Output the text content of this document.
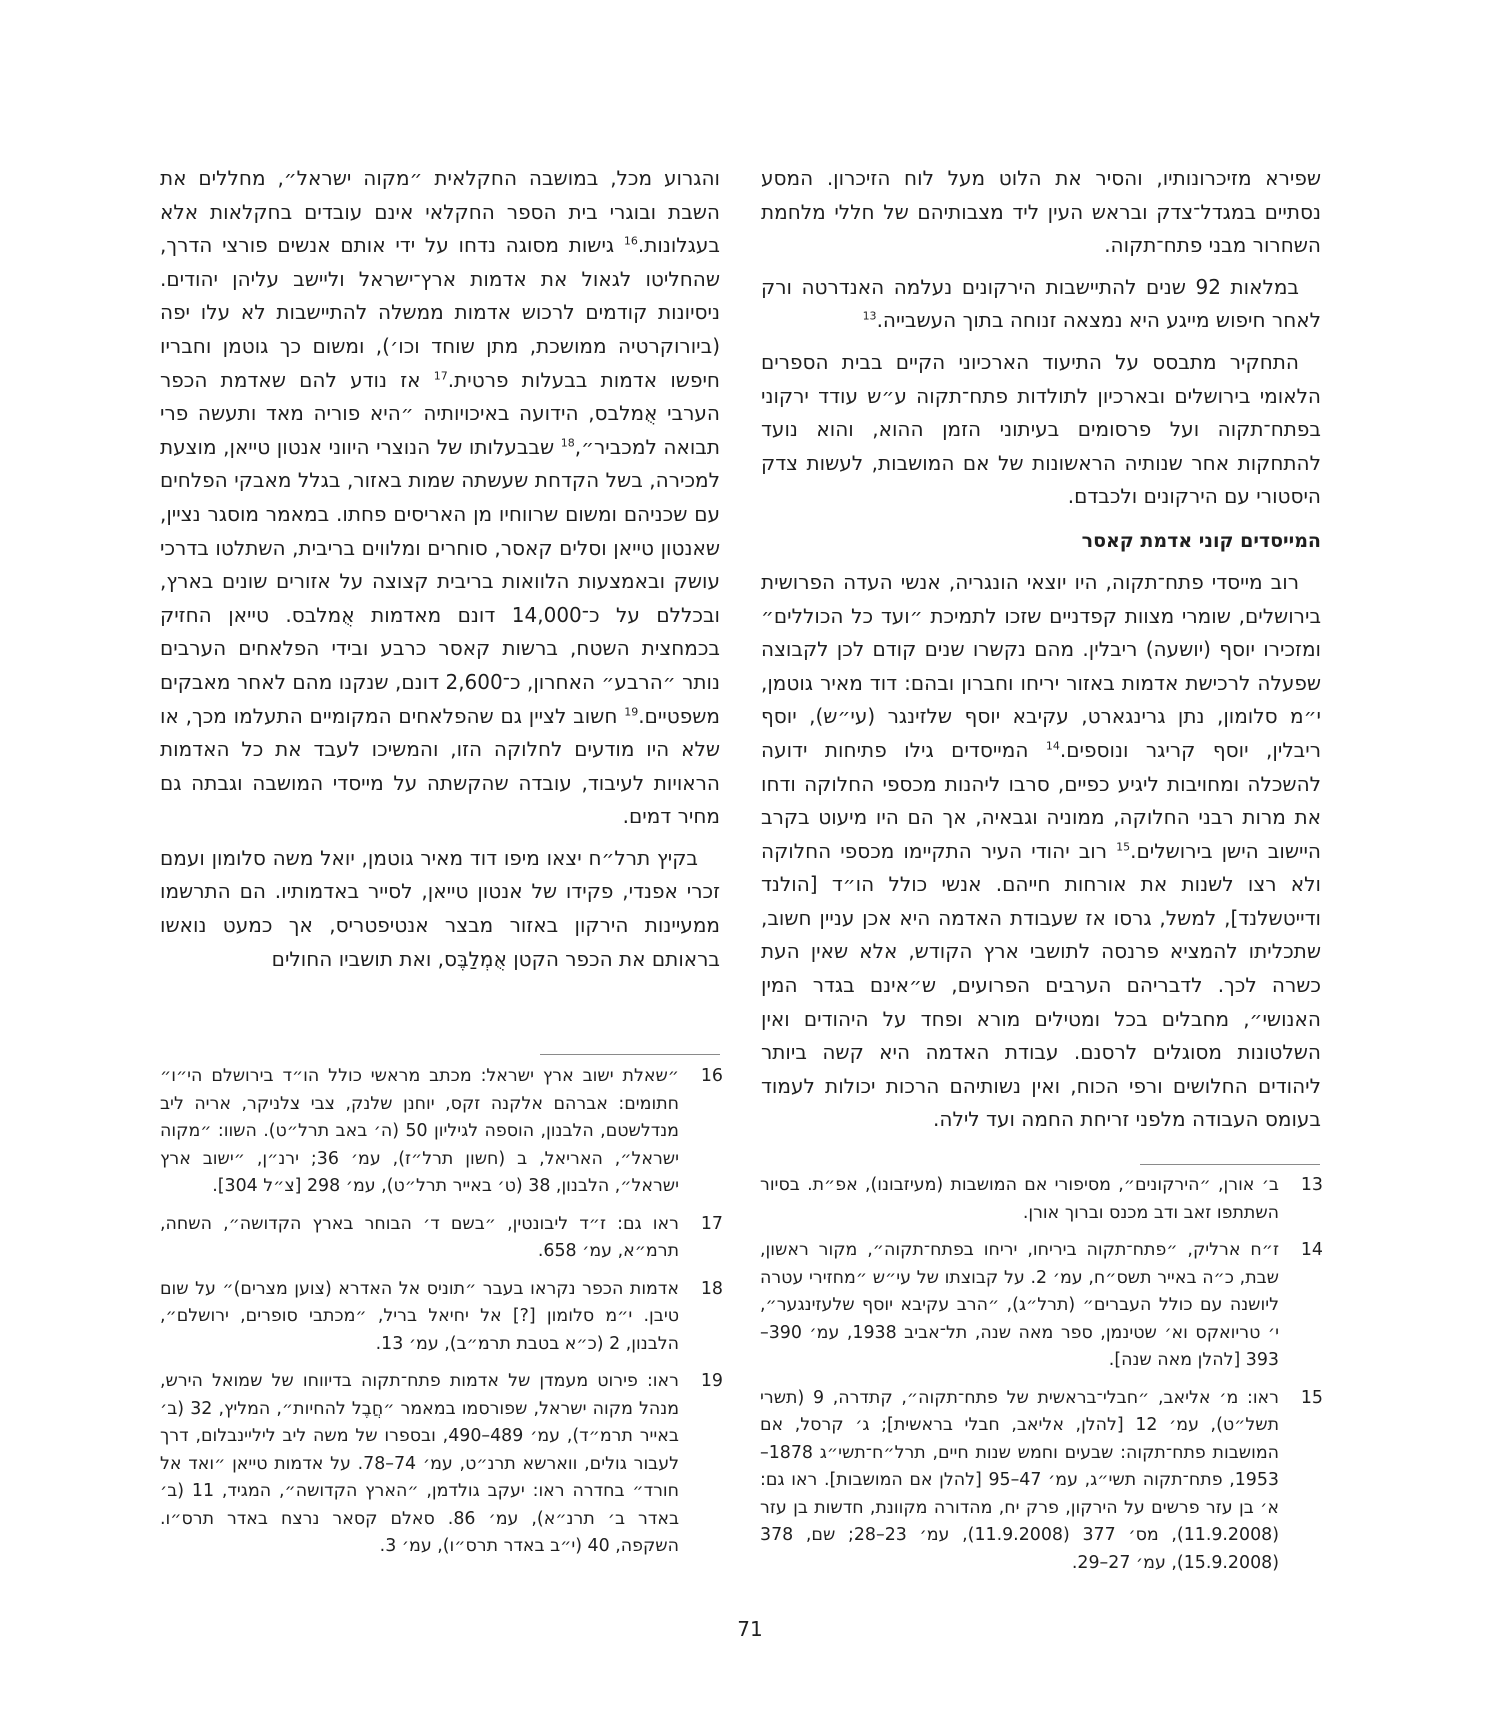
שפירא מזיכרונותיו, והסיר את הלוט מעל לוח הזיכרון. המסע נסתיים במגדל־צדק ובראש העין ליד מצבותיהם של חללי מלחמת השחרור מבני פתח־תקוה.

במלאות 92 שנים להתיישבות הירקונים נעלמה האנדרטה ורק לאחר חיפוש מייגע היא נמצאה זנוחה בתוך העשבייה.$^{13}$

התחקיר מתבסס על התיעוד הארכיוני הקיים בבית הספרים הלאומי בירושלים ובארכיון לתולדות פתח־תקוה ע״ש עודד ירקוני בפתח־תקוה ועל פרסומים בעיתוני הזמן ההוא, והוא נועד להתחקות אחר שנותיה הראשונות של אם המושבות, לעשות צדק היסטורי עם הירקונים ולכבדם.

המייסדים קוני אדמת קאסר

רוב מייסדי פתח־תקוה, היו יוצאי הונגריה, אנשי העדה הפרושית בירושלים, שומרי מצוות קפדניים שזכו לתמיכת ״ועד כל הכוללים״ ומזכירו יוסף (יושעה) ריבלין. מהם נקשרו שנים קודם לכן לקבוצה שפעלה לרכישת אדמות באזור יריחו וחברון ובהם: דוד מאיר גוטמן, י״מ סלומון, נתן גרינגארט, עקיבא יוסף שלזינגר (עי״ש), יוסף ריבלין, יוסף קריגר ונוספים.$^{14}$ המייסדים גילו פתיחות ידועה להשכלה ומחויבות ליגיע כפיים, סרבו ליהנות מכספי החלוקה ודחו את מרות רבני החלוקה, ממוניה וגבאיה, אך הם היו מיעוט בקרב היישוב הישן בירושלים.$^{15}$ רוב יהודי העיר התקיימו מכספי החלוקה ולא רצו לשנות את אורחות חייהם. אנשי כולל הו״ד [הולנד ודייטשלנד], למשל, גרסו אז שעבודת האדמה היא אכן עניין חשוב, שתכליתו להמציא פרנסה לתושבי ארץ הקודש, אלא שאין העת כשרה לכך. לדבריהם הערבים הפרועים, ש״אינם בגדר המין האנושי״, מחבלים בכל ומטילים מורא ופחד על היהודים ואין השלטונות מסוגלים לרסנם. עבודת האדמה היא קשה ביותר ליהודים החלושים ורפי הכוח, ואין נשותיהם הרכות יכולות לעמוד בעומס העבודה מלפני זריחת החמה ועד לילה.

והגרוע מכל, במושבה החקלאית ״מקוה ישראל״, מחללים את השבת ובוגרי בית הספר החקלאי אינם עובדים בחקלאות אלא בעגלונות.$^{16}$ גישות מסוגה נדחו על ידי אותם אנשים פורצי הדרך, שהחליטו לגאול את אדמות ארץ־ישראל וליישב עליהן יהודים. ניסיונות קודמים לרכוש אדמות ממשלה להתיישבות לא עלו יפה (ביורוקרטיה ממושכת, מתן שוחד וכו׳), ומשום כך גוטמן וחבריו חיפשו אדמות בבעלות פרטית.$^{17}$ אז נודע להם שאדמת הכפר הערבי אֻמלבס, הידועה באיכויותיה ״היא פוריה מאד ותעשה פרי תבואה למכביר״,$^{18}$ שבבעלותו של הנוצרי היווני אנטון טייאן, מוצעת למכירה, בשל הקדחת שעשתה שמות באזור, בגלל מאבקי הפלחים עם שכניהם ומשום שרווחיו מן האריסים פחתו. במאמר מוסגר נציין, שאנטון טייאן וסלים קאסר, סוחרים ומלווים בריבית, השתלטו בדרכי עושק ובאמצעות הלוואות בריבית קצוצה על אזורים שונים בארץ, ובכללם על כ־14,000 דונם מאדמות אֻמלבס. טייאן החזיק בכמחצית השטח, ברשות קאסר כרבע ובידי הפלאחים הערבים נותר ״הרבע״ האחרון, כ־2,600 דונם, שנקנו מהם לאחר מאבקים משפטיים.$^{19}$ חשוב לציין גם שהפלאחים המקומיים התעלמו מכך, או שלא היו מודעים לחלוקה הזו, והמשיכו לעבד את כל האדמות הראויות לעיבוד, עובדה שהקשתה על מייסדי המושבה וגבתה גם מחיר דמים.

בקיץ תרל״ח יצאו מיפו דוד מאיר גוטמן, יואל משה סלומון ועמם זכרי אפנדי, פקידו של אנטון טייאן, לסייר באדמותיו. הם התרשמו ממעיינות הירקון באזור מבצר אנטיפטריס, אך כמעט נואשו בראותם את הכפר הקטן אֻמְלַבֶּס, ואת תושביו החולים

16
״שאלת ישוב ארץ ישראל: מכתב מראשי כולל הו״ד בירושלם הי״ו״ חתומים: אברהם אלקנה זקס, יוחנן שלנק, צבי צלניקר, אריה ליב מנדלשטם, הלבנון, הוספה לגיליון 50 (ה׳ באב תרל״ט). השוו: ״מקוה ישראל״, האריאל, ב (חשון תרל״ז), עמ׳ 36; ירנ״ן, ״ישוב ארץ ישראל״, הלבנון, 38 (ט׳ באייר תרל״ט), עמ׳ 298 [צ״ל 304].
17
ראו גם: ז״ד ליבונטין, ״בשם ד׳ הבוחר בארץ הקדושה״, השחה, תרמ״א, עמ׳ 658.
18
אדמות הכפר נקראו בעבר ״תוניס אל האדרא (צוען מצרים)״ על שום טיבן. י״מ סלומון [?] אל יחיאל בריל, ״מכתבי סופרים, ירושלם״, הלבנון, 2 (כ״א בטבת תרמ״ב), עמ׳ 13.
19
ראו: פירוט מעמדן של אדמות פתח־תקוה בדיווחו של שמואל הירש, מנהל מקוה ישראל, שפורסמו במאמר ״חֲבֶל להחיות״, המליץ, 32 (ב׳ באייר תרמ״ד), עמ׳ 489–490, ובספרו של משה ליב ליליינבלום, דרך לעבור גולים, ווארשא תרנ״ט, עמ׳ 74–78. על אדמות טייאן ״ואד אל חורד״ בחדרה ראו: יעקב גולדמן, ״הארץ הקדושה״, המגיד, 11 (ב׳ באדר ב׳ תרנ״א), עמ׳ 86. סאלם קסאר נרצח באדר תרס״ו. השקפה, 40 (י״ב באדר תרס״ו), עמ׳ 3.
13
ב׳ אורן, ״הירקונים״, מסיפורי אם המושבות (מעיזבונו), אפ״ת. בסיור השתתפו זאב ודב מכנס וברוך אורן.
14
ז״ח ארליק, ״פתח־תקוה ביריחו, יריחו בפתח־תקוה״, מקור ראשון, שבת, כ״ה באייר תשס״ח, עמ׳ 2. על קבוצתו של עי״ש ״מחזירי עטרה ליושנה עם כולל העברים״ (תרל״ג), ״הרב עקיבא יוסף שלעזינגער״, י׳ טריואקס וא׳ שטינמן, ספר מאה שנה, תל־אביב 1938, עמ׳ 390–393 [להלן מאה שנה].
15
ראו: מ׳ אליאב, ״חבלי־בראשית של פתח־תקוה״, קתדרה, 9 (תשרי תשל״ט), עמ׳ 12 [להלן, אליאב, חבלי בראשית]; ג׳ קרסל, אם המושבות פתח־תקוה: שבעים וחמש שנות חיים, תרל״ח־תשי״ג 1878–1953, פתח־תקוה תשי״ג, עמ׳ 47–95 [להלן אם המושבות]. ראו גם: א׳ בן עזר פרשים על הירקון, פרק יח, מהדורה מקוונת, חדשות בן עזר (11.9.2008), מס׳ 377 (11.9.2008), עמ׳ 23–28; שם, 378 (15.9.2008), עמ׳ 27–29.
71
